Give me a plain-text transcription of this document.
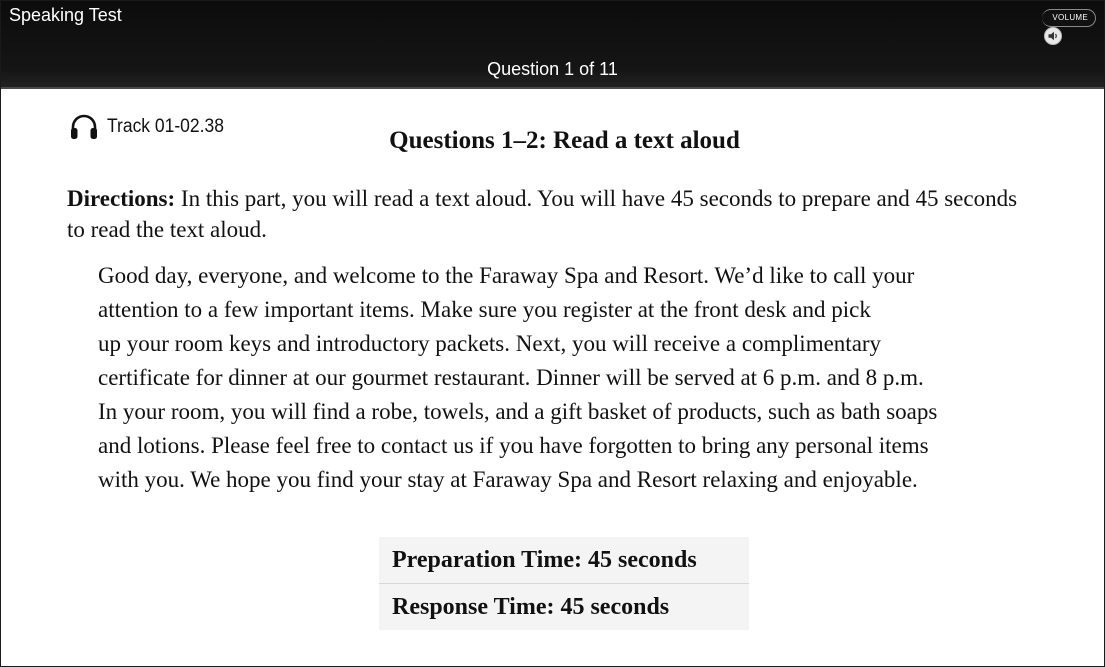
Speaking Test	VOLUME
Question 1 of 11
Track 01-02.38
Questions 1–2: Read a text aloud

Directions: In this part, you will read a text aloud. You will have 45 seconds to prepare and 45 seconds to read the text aloud.

Good day, everyone, and welcome to the Faraway Spa and Resort. We’d like to call your
attention to a few important items. Make sure you register at the front desk and pick
up your room keys and introductory packets. Next, you will receive a complimentary
certificate for dinner at our gourmet restaurant. Dinner will be served at 6 p.m. and 8 p.m.
In your room, you will find a robe, towels, and a gift basket of products, such as bath soaps
and lotions. Please feel free to contact us if you have forgotten to bring any personal items
with you. We hope you find your stay at Faraway Spa and Resort relaxing and enjoyable.
Preparation Time: 45 seconds
Response Time: 45 seconds
